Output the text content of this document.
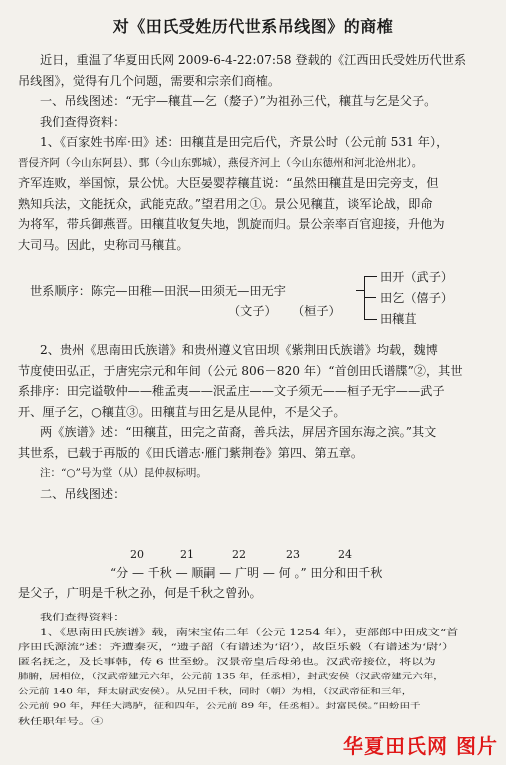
对《田氏受姓历代世系吊线图》的商榷
近日，重温了华夏田氏网 2009-6-4-22:07:58 登载的《江西田氏受姓历代世系
吊线图》，觉得有几个问题，需要和宗亲们商榷。
一、吊线图述：“无宇—穰苴—乞（嫠子）”为祖孙三代，穰苴与乞是父子。
我们查得资料：
1、《百家姓书库·田》述：田穰苴是田完后代，齐景公时（公元前 531 年），
晋侵齐阿（今山东阿县）、鄄（今山东鄄城），燕侵齐河上（今山东德州和河北沧州北）。
齐军连败，举国惊，景公忧。大臣晏婴荐穰苴说：“虽然田穰苴是田完旁支，但
熟知兵法，文能抚众，武能克敌。”望君用之①。景公见穰苴，谈军论战，即命
为将军，带兵御燕晋。田穰苴收复失地，凯旋而归。景公亲率百官迎接，升他为
大司马。因此，史称司马穰苴。
世系顺序：陈完—田稚—田泯—田须无—田无宇
田开（武子）
田乞（僖子）
田穰苴
（文子） （桓子）
2、贵州《思南田氏族谱》和贵州遵义官田坝《紫荆田氏族谱》均载，魏博
节度使田弘正，于唐宪宗元和年间（公元 806－820 年）“首创田氏谱牒”②，其世
系排序：田完谥敬仲——稚孟夷——泯孟庄——文子须无——桓子无宇——武子
开、厘子乞，○穰苴③。田穰苴与田乞是从昆仲，不是父子。
两《族谱》述：“田穰苴，田完之苗裔，善兵法，屏居齐国东海之滨。”其文
其世系，已载于再版的《田氏谱志·雁门紫荆卷》第四、第五章。
注：“○”号为堂（从）昆仲叔标明。
二、吊线图述：
20	21	22	23	24
“分 — 千秋 — 顺嗣 — 广明 — 何 。” 田分和田千秋
是父子，广明是千秋之孙，何是千秋之曾孙。
我们查得资料：
1、《思南田氏族谱》载，南宋宝佑二年（公元 1254 年），吏部郎中田成文“首
序田氏源流”述：齐遭秦灭，“遗子韶（有谱述为‘诏’），故臣乐毅（有谱述为‘尉’）
匿名抚之，及长事韩，传 6 世至蚡。汉景帝皇后母弟也。汉武帝接位，将以为
肺腑，居相位，（汉武帝建元六年，公元前 135 年，任丞相），封武安侯（汉武帝建元六年，
公元前 140 年，拜太尉武安侯）。从兄田千秋，同时（朝）为相，（汉武帝征和三年，
公元前 90 年，拜任大鸿胪，征和四年，公元前 89 年，任丞相）。封富民侯。”田蚡田千
秋任职年号。④
华夏田氏网 图片
